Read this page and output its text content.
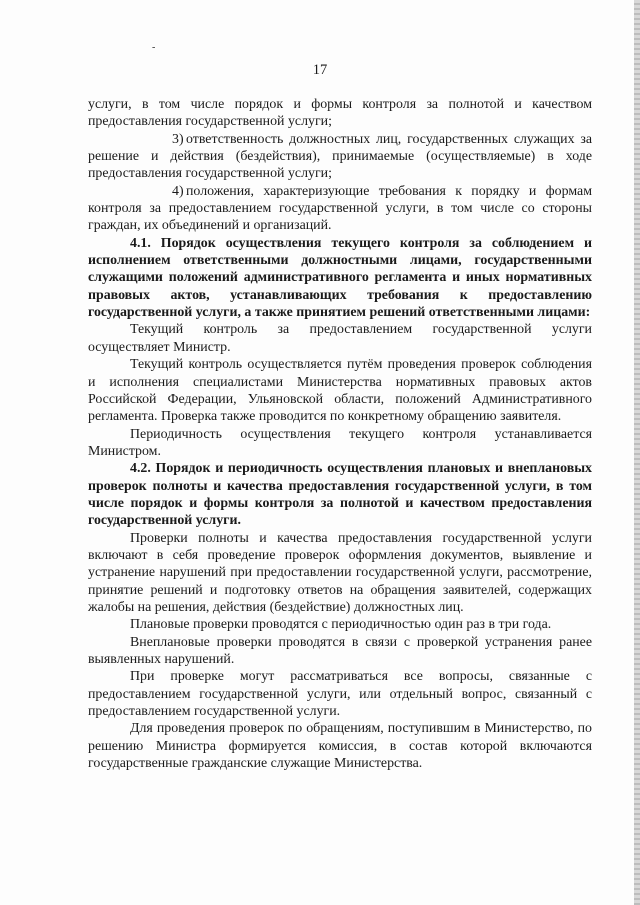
-
17

услуги, в том числе порядок и формы контроля за полнотой и качеством предоставления государственной услуги;

3) ответственность должностных лиц, государственных служащих за решение и действия (бездействия), принимаемые (осуществляемые) в ходе предоставления государственной услуги;

4) положения, характеризующие требования к порядку и формам контроля за предоставлением государственной услуги, в том числе со стороны граждан, их объединений и организаций.

4.1. Порядок осуществления текущего контроля за соблюдением и исполнением ответственными должностными лицами, государственными служащими положений административного регламента и иных нормативных правовых актов, устанавливающих требования к предоставлению государственной услуги, а также принятием решений ответственными лицами:

Текущий контроль за предоставлением государственной услуги осуществляет Министр.

Текущий контроль осуществляется путём проведения проверок соблюдения и исполнения специалистами Министерства нормативных правовых актов Российской Федерации, Ульяновской области, положений Административного регламента. Проверка также проводится по конкретному обращению заявителя.

Периодичность осуществления текущего контроля устанавливается Министром.

4.2. Порядок и периодичность осуществления плановых и внеплановых проверок полноты и качества предоставления государственной услуги, в том числе порядок и формы контроля за полнотой и качеством предоставления государственной услуги.

Проверки полноты и качества предоставления государственной услуги включают в себя проведение проверок оформления документов, выявление и устранение нарушений при предоставлении государственной услуги, рассмотрение, принятие решений и подготовку ответов на обращения заявителей, содержащих жалобы на решения, действия (бездействие) должностных лиц.

Плановые проверки проводятся с периодичностью один раз в три года.

Внеплановые проверки проводятся в связи с проверкой устранения ранее выявленных нарушений.

При проверке могут рассматриваться все вопросы, связанные с предоставлением государственной услуги, или отдельный вопрос, связанный с предоставлением государственной услуги.

Для проведения проверок по обращениям, поступившим в Министерство, по решению Министра формируется комиссия, в состав которой включаются государственные гражданские служащие Министерства.
